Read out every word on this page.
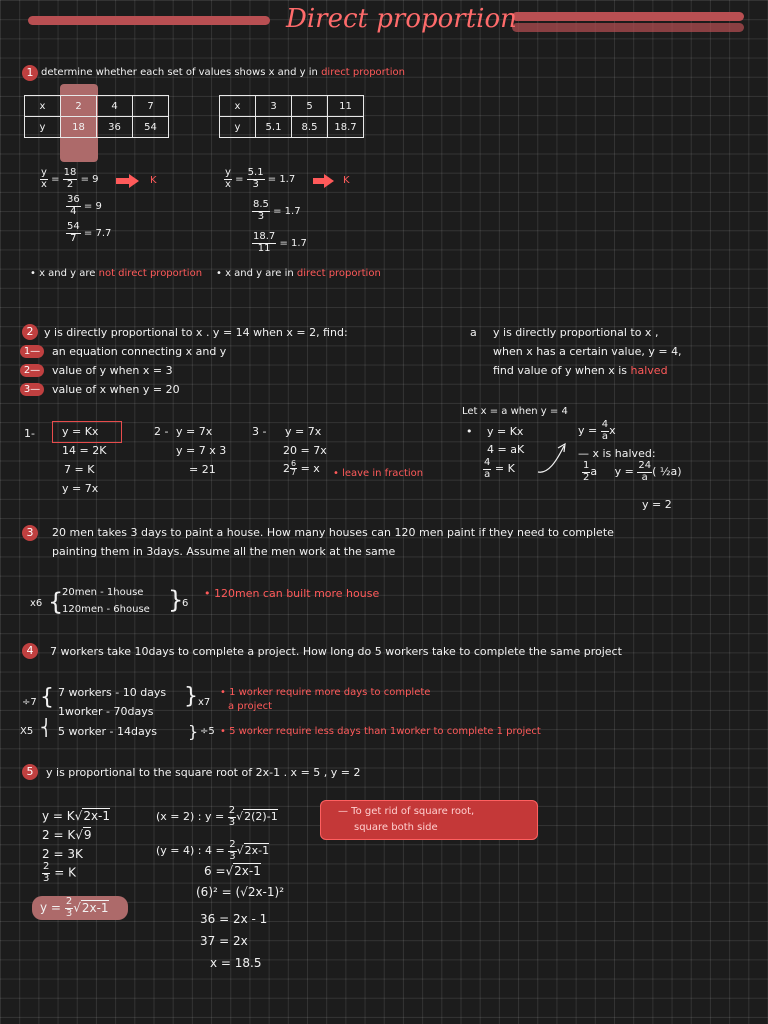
Direct proportion
1 determine whether each set of values shows x and y in direct proportion
x	2	4	7
y	18	36	54
x	3	5	11
y	5.1	8.5	18.7
$\frac{y}{x} = \frac{18}{2} = 9$	K
$\frac{36}{4} = 9$
$\frac{54}{7} = 7.7$
• x and y are not direct proportion
$\frac{y}{x} = \frac{5.1}{3} = 1.7$	K
$\frac{8.5}{3} = 1.7$
$\frac{18.7}{11} = 1.7$
• x and y are in direct proportion
2 y is directly proportional to x . y = 14 when x = 2, find:
1—	an equation connecting x and y
2—	value of y when x = 3
3—	value of x when y = 20
1- y = Kx
14 = 2K
7 = K
y = 7x
2 - y = 7x
y = 7 x 3
= 21
3 - y = 7x
20 = 7x
$2 \frac{6}{7} = x$ • leave in fraction
a y is directly proportional to x ,
when x has a certain value, y = 4,
find value of y when x is halved
Let x = a when y = 4
• y = Kx
4 = aK
$\frac{4}{a} = K$
$y = \frac{4}{a}$ x
— x is halved:
$\frac{1}{2}$ a $y = \frac{24}{a}$ ( ½a)
y = 2
3	20 men takes 3 days to paint a house. How many houses can 120 men paint if they need to complete
painting them in 3days. Assume all the men work at the same
x6 {
20men - 1house
120men - 6house }
6
• 120men can built more house
4	7 workers take 10days to complete a project. How long do 5 workers take to complete the same project
÷7 {
X5 ⎨
7 workers - 10 days
1worker - 70days
5 worker - 14days
} x7
} ÷5
• 1 worker require more days to complete
a project
• 5 worker require less days than 1worker to complete 1 project
5	y is proportional to the square root of 2x-1 . x = 5 , y = 2
y = K√2x-1
2 = K√9
2 = 3K
$\frac{2}{3} = K$
$y = \frac{2}{3} √2x-1$
(x = 2) : $y = \frac{2}{3} √2(2)-1$
(y = 4) : $4 = \frac{2}{3} √2x-1$
6 =√2x-1
(6)² = (√2x-1)²
36 = 2x - 1
37 = 2x
x = 18.5
— To get rid of square root,
square both side
